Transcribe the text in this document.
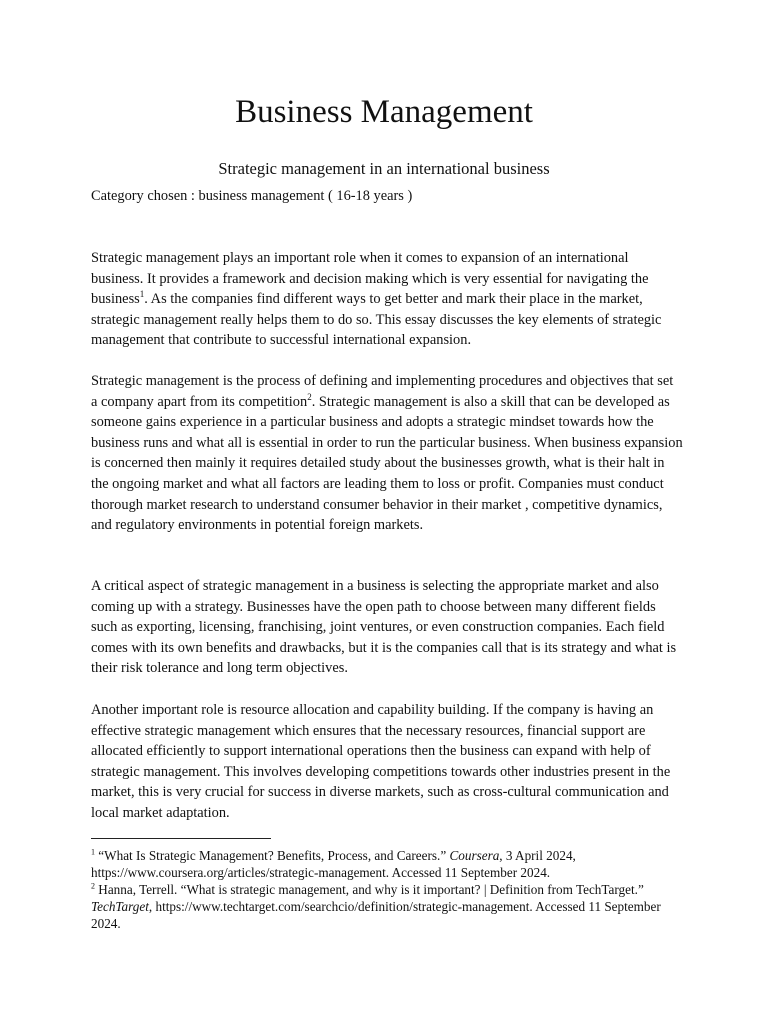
Business Management
Strategic management in an international business
Category chosen : business management ( 16-18 years )

Strategic management plays an important role when it comes to expansion of an international business. It provides a framework and decision making which is very essential for navigating the business$^1$. As the companies find different ways to get better and mark their place in the market, strategic management really helps them to do so. This essay discusses the key elements of strategic management that contribute to successful international expansion.

Strategic management is the process of defining and implementing procedures and objectives that set a company apart from its competition$^2$. Strategic management is also a skill that can be developed as someone gains experience in a particular business and adopts a strategic mindset towards how the business runs and what all is essential in order to run the particular business. When business expansion is concerned then mainly it requires detailed study about the businesses growth, what is their halt in the ongoing market and what all factors are leading them to loss or profit. Companies must conduct thorough market research to understand consumer behavior in their market , competitive dynamics, and regulatory environments in potential foreign markets.

A critical aspect of strategic management in a business is selecting the appropriate market and also coming up with a strategy. Businesses have the open path to choose between many different fields such as exporting, licensing, franchising, joint ventures, or even construction companies. Each field comes with its own benefits and drawbacks, but it is the companies call that is its strategy and what is their risk tolerance and long term objectives.

Another important role is resource allocation and capability building. If the company is having an effective strategic management which ensures that the necessary resources, financial support are allocated efficiently to support international operations then the business can expand with help of strategic management. This involves developing competitions towards other industries present in the market, this is very crucial for success in diverse markets, such as cross-cultural communication and local market adaptation.

$^1$ “What Is Strategic Management? Benefits, Process, and Careers.” Coursera, 3 April 2024, https://www.coursera.org/articles/strategic-management. Accessed 11 September 2024.

$^2$ Hanna, Terrell. “What is strategic management, and why is it important? | Definition from TechTarget.” TechTarget, https://www.techtarget.com/searchcio/definition/strategic-management. Accessed 11 September 2024.
